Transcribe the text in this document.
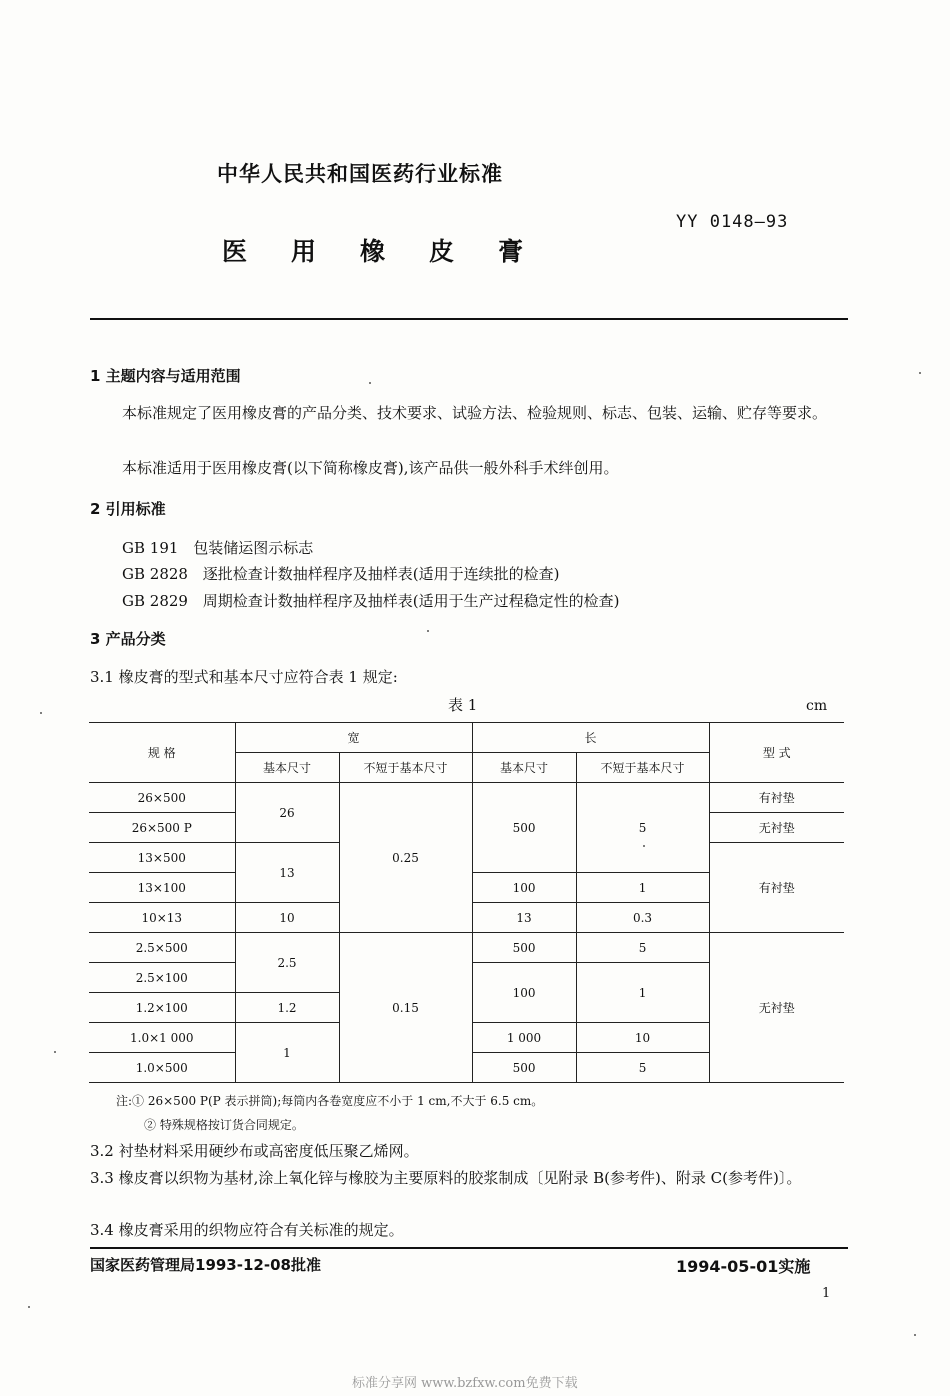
中华人民共和国医药行业标准
YY 0148—93
医用橡皮膏
1 主题内容与适用范围
本标准规定了医用橡皮膏的产品分类、技术要求、试验方法、检验规则、标志、包装、运输、贮存等要求。
本标准适用于医用橡皮膏(以下简称橡皮膏),该产品供一般外科手术绊创用。
2 引用标准
GB 191 包装储运图示标志
GB 2828 逐批检查计数抽样程序及抽样表(适用于连续批的检查)
GB 2829 周期检查计数抽样程序及抽样表(适用于生产过程稳定性的检查)
3 产品分类
3.1 橡皮膏的型式和基本尺寸应符合表 1 规定:
表 1	cm
规 格	宽		长		型 式
	基本尺寸	不短于基本尺寸	基本尺寸	不短于基本尺寸	
26×500	26	0.25	500	5	有衬垫
26×500 P					无衬垫
13×500	13				有衬垫
13×100			100	1	
10×13	10		13	0.3	
2.5×500	2.5	0.15	500	5	无衬垫
2.5×100			100	1	
1.2×100	1.2				
1.0×1 000	1		1 000	10	
1.0×500			500	5	
注:① 26×500 P(P 表示拼筒);每筒内各卷宽度应不小于 1 cm,不大于 6.5 cm。
② 特殊规格按订货合同规定。
3.2 衬垫材料采用硬纱布或高密度低压聚乙烯网。
3.3 橡皮膏以织物为基材,涂上氧化锌与橡胶为主要原料的胶浆制成〔见附录 B(参考件)、附录 C(参考件)〕。
3.4 橡皮膏采用的织物应符合有关标准的规定。
国家医药管理局1993-12-08批准	1994-05-01实施
1
标准分享网 www.bzfxw.com免费下载
